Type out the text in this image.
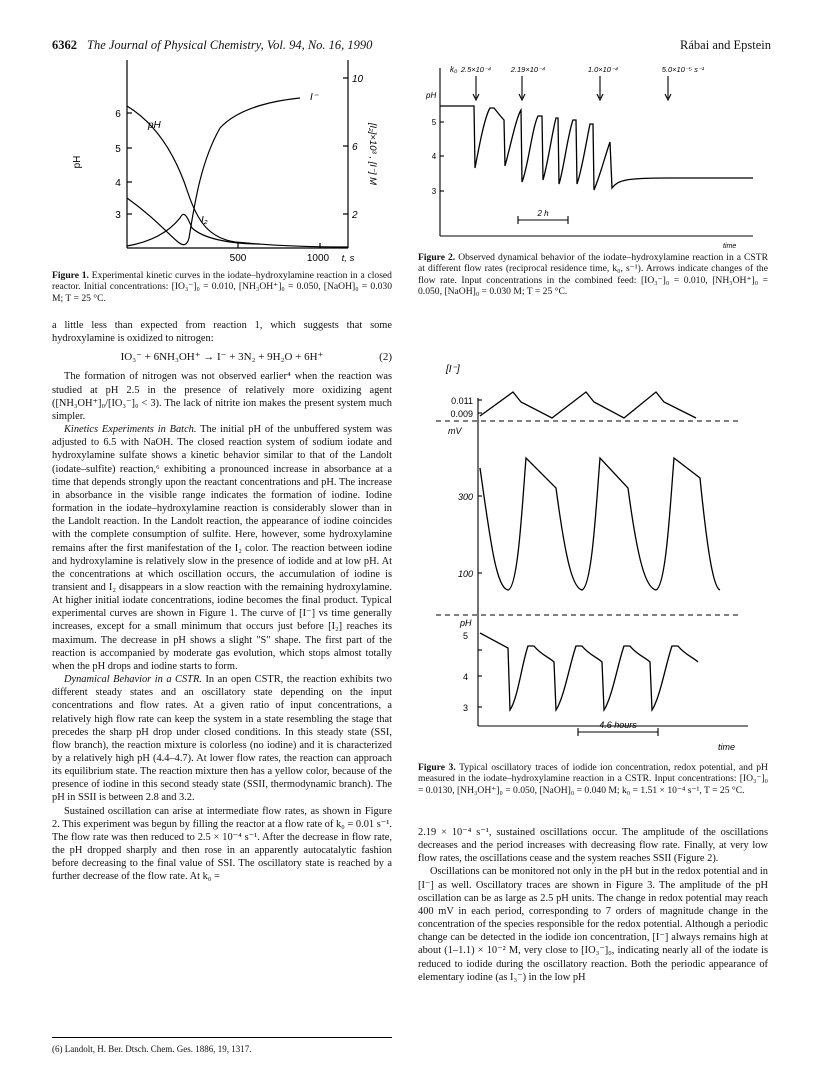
6362 The Journal of Physical Chemistry, Vol. 94, No. 16, 1990	Rábai and Epstein
pH
6
5
4
3
10
6
2
[I₂]×10³ , [I⁻] M
500	1000 t, s
pH
I⁻
I₂
Figure 1. Experimental kinetic curves in the iodate–hydroxylamine reaction in a closed reactor. Initial concentrations: [IO₃⁻]₀ = 0.010, [NH₃OH⁺]₀ = 0.050, [NaOH]₀ = 0.030 M; T = 25 °C.

a little less than expected from reaction 1, which suggests that some hydroxylamine is oxidized to nitrogen:

IO₃⁻ + 6NH₃OH⁺ → I⁻ + 3N₂ + 9H₂O + 6H⁺	(2)

The formation of nitrogen was not observed earlier⁴ when the reaction was studied at pH 2.5 in the presence of relatively more oxidizing agent ([NH₃OH⁺]₀/[IO₃⁻]₀ < 3). The lack of nitrite ion makes the present system much simpler.

Kinetics Experiments in Batch. The initial pH of the unbuffered system was adjusted to 6.5 with NaOH. The closed reaction system of sodium iodate and hydroxylamine sulfate shows a kinetic behavior similar to that of the Landolt (iodate–sulfite) reaction,⁶ exhibiting a pronounced increase in absorbance at a time that depends strongly upon the reactant concentrations and pH. The increase in absorbance in the visible range indicates the formation of iodine. Iodine formation in the iodate–hydroxylamine reaction is considerably slower than in the Landolt reaction. In the Landolt reaction, the appearance of iodine coincides with the complete consumption of sulfite. Here, however, some hydroxylamine remains after the first manifestation of the I₂ color. The reaction between iodine and hydroxylamine is relatively slow in the presence of iodide and at low pH. At the concentrations at which oscillation occurs, the accumulation of iodine is transient and I₂ disappears in a slow reaction with the remaining hydroxylamine. At higher initial iodate concentrations, iodine becomes the final product. Typical experimental curves are shown in Figure 1. The curve of [I⁻] vs time generally increases, except for a small minimum that occurs just before [I₂] reaches its maximum. The decrease in pH shows a slight "S" shape. The first part of the reaction is accompanied by moderate gas evolution, which stops almost totally when the pH drops and iodine starts to form.

Dynamical Behavior in a CSTR. In an open CSTR, the reaction exhibits two different steady states and an oscillatory state depending on the input concentrations and flow rates. At a given ratio of input concentrations, a relatively high flow rate can keep the system in a state resembling the stage that precedes the sharp pH drop under closed conditions. In this steady state (SSI, flow branch), the reaction mixture is colorless (no iodine) and it is characterized by a relatively high pH (4.4–4.7). At lower flow rates, the reaction can approach its equilibrium state. The reaction mixture then has a yellow color, because of the presence of iodine in this second steady state (SSII, thermodynamic branch). The pH in SSII is between 2.8 and 3.2.

Sustained oscillation can arise at intermediate flow rates, as shown in Figure 2. This experiment was begun by filling the reactor at a flow rate of k₀ = 0.01 s⁻¹. The flow rate was then reduced to 2.5 × 10⁻⁴ s⁻¹. After the decrease in flow rate, the pH dropped sharply and then rose in an apparently autocatalytic fashion before decreasing to the final value of SSI. The oscillatory state is reached by a further decrease of the flow rate. At k₀ =

(6) Landolt, H. Ber. Dtsch. Chem. Ges. 1886, 19, 1317.
k₀ 2.5×10⁻⁴	2.19×10⁻⁴	1.0×10⁻⁴	5.0×10⁻⁵ s⁻¹
pH
5
4
3
2 h
time
Figure 2. Observed dynamical behavior of the iodate–hydroxylamine reaction in a CSTR at different flow rates (reciprocal residence time, k₀, s⁻¹). Arrows indicate changes of the flow rate. Input concentrations in the combined feed: [IO₃⁻]₀ = 0.010, [NH₃OH⁺]₀ = 0.050, [NaOH]₀ = 0.030 M; T = 25 °C.
[I⁻]
0.011
0.009
mV
300
100
pH
5
4
3
4.6 hours
time
Figure 3. Typical oscillatory traces of iodide ion concentration, redox potential, and pH measured in the iodate–hydroxylamine reaction in a CSTR. Input concentrations: [IO₃⁻]₀ = 0.0130, [NH₃OH⁺]₀ = 0.050, [NaOH]₀ = 0.040 M; k₀ = 1.51 × 10⁻⁴ s⁻¹, T = 25 °C.

2.19 × 10⁻⁴ s⁻¹, sustained oscillations occur. The amplitude of the oscillations decreases and the period increases with decreasing flow rate. Finally, at very low flow rates, the oscillations cease and the system reaches SSII (Figure 2).

Oscillations can be monitored not only in the pH but in the redox potential and in [I⁻] as well. Oscillatory traces are shown in Figure 3. The amplitude of the pH oscillation can be as large as 2.5 pH units. The change in redox potential may reach 400 mV in each period, corresponding to 7 orders of magnitude change in the concentration of the species responsible for the redox potential. Although a periodic change can be detected in the iodide ion concentration, [I⁻] always remains high at about (1–1.1) × 10⁻² M, very close to [IO₃⁻]₀, indicating nearly all of the iodate is reduced to iodide during the oscillatory reaction. Both the periodic appearance of elementary iodine (as I₃⁻) in the low pH
